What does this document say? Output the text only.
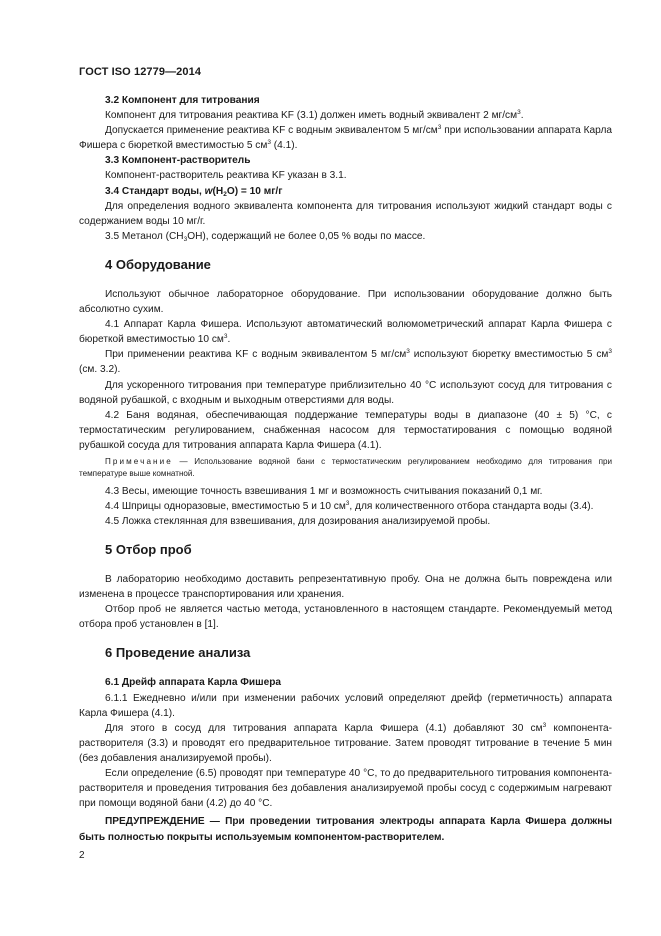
ГОСТ ISO 12779—2014

3.2 Компонент для титрования

Компонент для титрования реактива KF (3.1) должен иметь водный эквивалент 2 $мг/см^3$.

Допускается применение реактива KF с водным эквивалентом 5 $мг/см^3$ при использовании аппарата Карла Фишера с бюреткой вместимостью 5 $см^3$ (4.1).

3.3 Компонент-растворитель

Компонент-растворитель реактива KF указан в 3.1.

3.4 Стандарт воды, $w(H_2O) = 10$ мг/г

Для определения водного эквивалента компонента для титрования используют жидкий стандарт воды с содержанием воды 10 мг/г.

3.5 Метанол $(CH_3OH)$, содержащий не более 0,05 % воды по массе.

4 Оборудование

Используют обычное лабораторное оборудование. При использовании оборудование должно быть абсолютно сухим.

4.1 Аппарат Карла Фишера. Используют автоматический волюмометрический аппарат Карла Фишера с бюреткой вместимостью 10 $см^3$.

При применении реактива KF с водным эквивалентом 5 $мг/см^3$ используют бюретку вместимостью 5 $см^3$ (см. 3.2).

Для ускоренного титрования при температуре приблизительно 40 °С используют сосуд для титрования с водяной рубашкой, с входным и выходным отверстиями для воды.

4.2 Баня водяная, обеспечивающая поддержание температуры воды в диапазоне (40 ± 5) °С, с термостатическим регулированием, снабженная насосом для термостатирования с помощью водяной рубашкой сосуда для титрования аппарата Карла Фишера (4.1).

Примечание — Использование водяной бани с термостатическим регулированием необходимо для титрования при температуре выше комнатной.

4.3 Весы, имеющие точность взвешивания 1 мг и возможность считывания показаний 0,1 мг.

4.4 Шприцы одноразовые, вместимостью 5 и 10 $см^3$, для количественного отбора стандарта воды (3.4).

4.5 Ложка стеклянная для взвешивания, для дозирования анализируемой пробы.

5 Отбор проб

В лабораторию необходимо доставить репрезентативную пробу. Она не должна быть повреждена или изменена в процессе транспортирования или хранения.

Отбор проб не является частью метода, установленного в настоящем стандарте. Рекомендуемый метод отбора проб установлен в [1].

6 Проведение анализа

6.1 Дрейф аппарата Карла Фишера

6.1.1 Ежедневно и/или при изменении рабочих условий определяют дрейф (герметичность) аппарата Карла Фишера (4.1).

Для этого в сосуд для титрования аппарата Карла Фишера (4.1) добавляют 30 $см^3$ компонента-растворителя (3.3) и проводят его предварительное титрование. Затем проводят титрование в течение 5 мин (без добавления анализируемой пробы).

Если определение (6.5) проводят при температуре 40 °С, то до предварительного титрования компонента-растворителя и проведения титрования без добавления анализируемой пробы сосуд с содержимым нагревают при помощи водяной бани (4.2) до 40 °С.

ПРЕДУПРЕЖДЕНИЕ — При проведении титрования электроды аппарата Карла Фишера должны быть полностью покрыты используемым компонентом-растворителем.

2
